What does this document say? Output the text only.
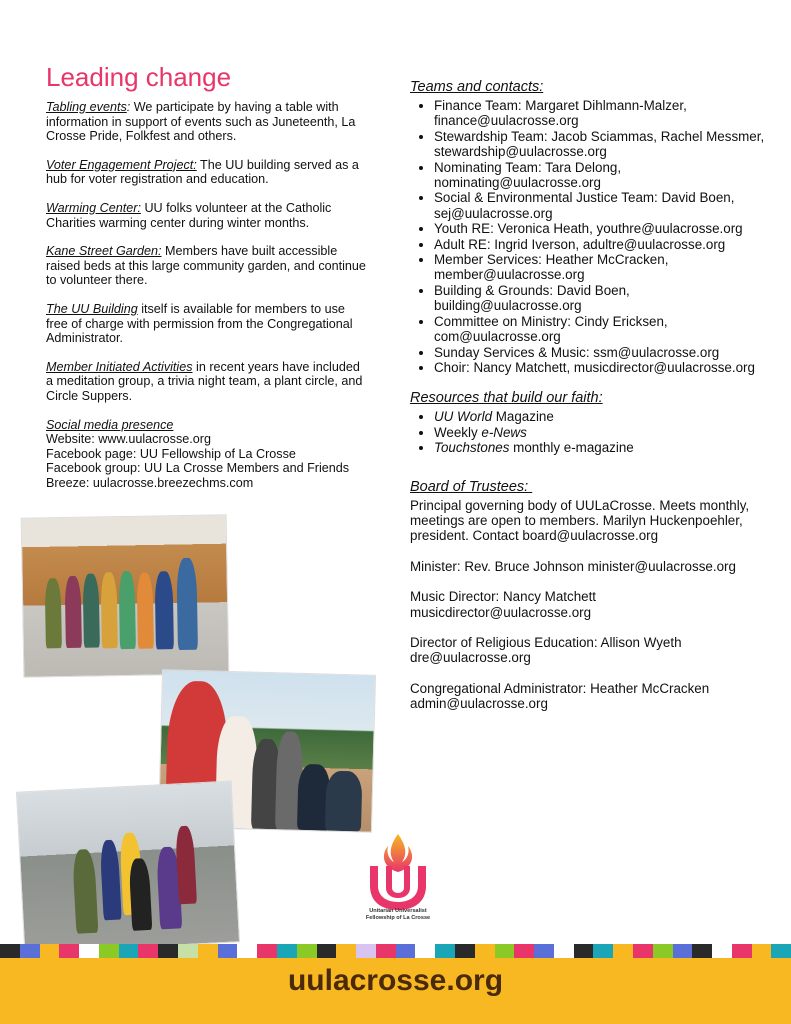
Leading change

Tabling events: We participate by having a table with information in support of events such as Juneteenth, La Crosse Pride, Folkfest and others.

Voter Engagement Project: The UU building served as a hub for voter registration and education.

Warming Center: UU folks volunteer at the Catholic Charities warming center during winter months.

Kane Street Garden: Members have built accessible raised beds at this large community garden, and continue to volunteer there.

The UU Building itself is available for members to use free of charge with permission from the Congregational Administrator.

Member Initiated Activities in recent years have included a meditation group, a trivia night team, a plant circle, and Circle Suppers.

Social media presence
Website: www.uulacrosse.org
Facebook page: UU Fellowship of La Crosse
Facebook group: UU La Crosse Members and Friends
Breeze: uulacrosse.breezechms.com

Teams and contacts:
• Finance Team: Margaret Dihlmann-Malzer, finance@uulacrosse.org
• Stewardship Team: Jacob Sciammas, Rachel Messmer, stewardship@uulacrosse.org
• Nominating Team: Tara Delong, nominating@uulacrosse.org
• Social & Environmental Justice Team: David Boen, sej@uulacrosse.org
• Youth RE: Veronica Heath, youthre@uulacrosse.org
• Adult RE: Ingrid Iverson, adultre@uulacrosse.org
• Member Services: Heather McCracken, member@uulacrosse.org
• Building & Grounds: David Boen, building@uulacrosse.org
• Committee on Ministry: Cindy Ericksen, com@uulacrosse.org
• Sunday Services & Music: ssm@uulacrosse.org
• Choir: Nancy Matchett, musicdirector@uulacrosse.org
Resources that build our faith:
• UU World Magazine
• Weekly e-News
• Touchstones monthly e-magazine
Board of Trustees:

Principal governing body of UULaCrosse. Meets monthly, meetings are open to members. Marilyn Huckenpoehler, president. Contact board@uulacrosse.org

Minister: Rev. Bruce Johnson minister@uulacrosse.org

Music Director: Nancy Matchett musicdirector@uulacrosse.org

Director of Religious Education: Allison Wyeth dre@uulacrosse.org

Congregational Administrator: Heather McCracken admin@uulacrosse.org

Unitarian Universalist
Fellowship of La Crosse
uulacrosse.org
